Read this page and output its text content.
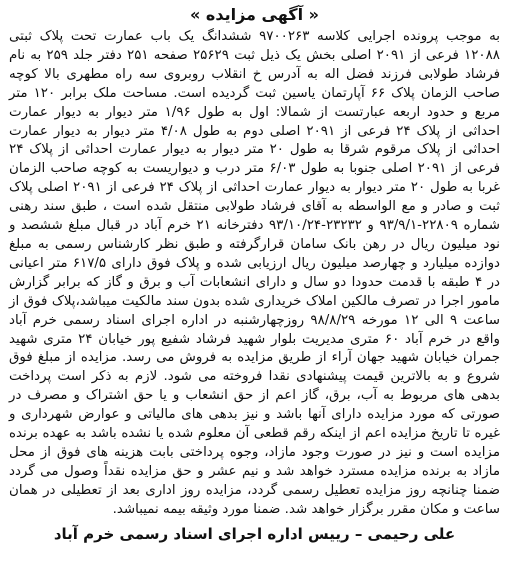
« آگهی مزایده »

به موجب پرونده اجرایی کلاسه ۹۷۰۰۲۶۳ ششدانگ یک باب عمارت تحت پلاک ثبتی ۱۲۰۸۸ فرعی از ۲۰۹۱ اصلی بخش یک ذیل ثبت ۲۵۶۲۹ صفحه ۲۵۱ دفتر جلد ۲۵۹ به نام فرشاد طولابی فرزند فضل اله به آدرس خ انقلاب روبروی سه راه مطهری بالا کوچه صاحب الزمان پلاک ۶۶ آپارتمان یاسین ثبت گردیده است. مساحت ملک برابر ۱۲۰ متر مربع و حدود اربعه عبارتست از شمالا: اول به طول ۱/۹۶ متر دیوار به دیوار عمارت احداثی از پلاک ۲۴ فرعی از ۲۰۹۱ اصلی دوم به طول ۴/۰۸ متر دیوار به دیوار عمارت احداثی از پلاک مرقوم شرقا به طول ۲۰ متر دیوار به دیوار عمارت احداثی از پلاک ۲۴ فرعی از ۲۰۹۱ اصلی جنوبا به طول ۶/۰۳ متر درب و دیواریست به کوچه صاحب الزمان غربا به طول ۲۰ متر دیوار به دیوار عمارت احداثی از پلاک ۲۴ فرعی از ۲۰۹۱ اصلی پلاک ثبت و صادر و مع الواسطه به آقای فرشاد طولابی منتقل شده است ، طبق سند رهنی شماره ۲۲۸۰۹-۹۳/۹/۱ و ۲۳۲۳۲-۹۳/۱۰/۲۴ دفترخانه ۲۱ خرم آباد در قبال مبلغ ششصد و نود میلیون ریال در رهن بانک سامان قرارگرفته و طبق نظر کارشناس رسمی به مبلغ دوازده میلیارد و چهارصد میلیون ریال ارزیابی شده و پلاک فوق دارای ۶۱۷/۵ متر اعیانی در ۴ طبقه با قدمت حدودا دو سال و دارای انشعابات آب و برق و گاز که برابر گزارش مامور اجرا در تصرف مالکین املاک خریداری شده بدون سند مالکیت میباشد،پلاک فوق از ساعت ۹ الی ۱۲ مورخه ۹۸/۸/۲۹ روزچهارشنبه در اداره اجرای اسناد رسمی خرم آباد واقع در خرم آباد ۶۰ متری مدیریت بلوار شهید فرشاد شفیع پور خیابان ۲۴ متری شهید جمران خیابان شهید جهان آراء از طریق مزایده به فروش می رسد. مزایده از مبلغ فوق شروع و به بالاترین قیمت پیشنهادی نقدا فروخته می شود. لازم به ذکر است پرداخت بدهی های مربوط به آب، برق، گاز اعم از حق انشعاب و یا حق اشتراک و مصرف در صورتی که مورد مزایده دارای آنها باشد و نیز بدهی های مالیاتی و عوارض شهرداری و غیره تا تاریخ مزایده اعم از اینکه رقم قطعی آن معلوم شده یا نشده باشد به عهده برنده مزایده است و نیز در صورت وجود مازاد، وجوه پرداختی بابت هزینه های فوق از محل مازاد به برنده مزایده مسترد خواهد شد و نیم عشر و حق مزایده نقداً وصول می گردد ضمنا چنانچه روز مزایده تعطیل رسمی گردد، مزایده روز اداری بعد از تعطیلی در همان ساعت و مکان مقرر برگزار خواهد شد. ضمنا مورد وثیقه بیمه نمیباشد.

علی رحیمی – رییس اداره اجرای اسناد رسمی خرم آباد
